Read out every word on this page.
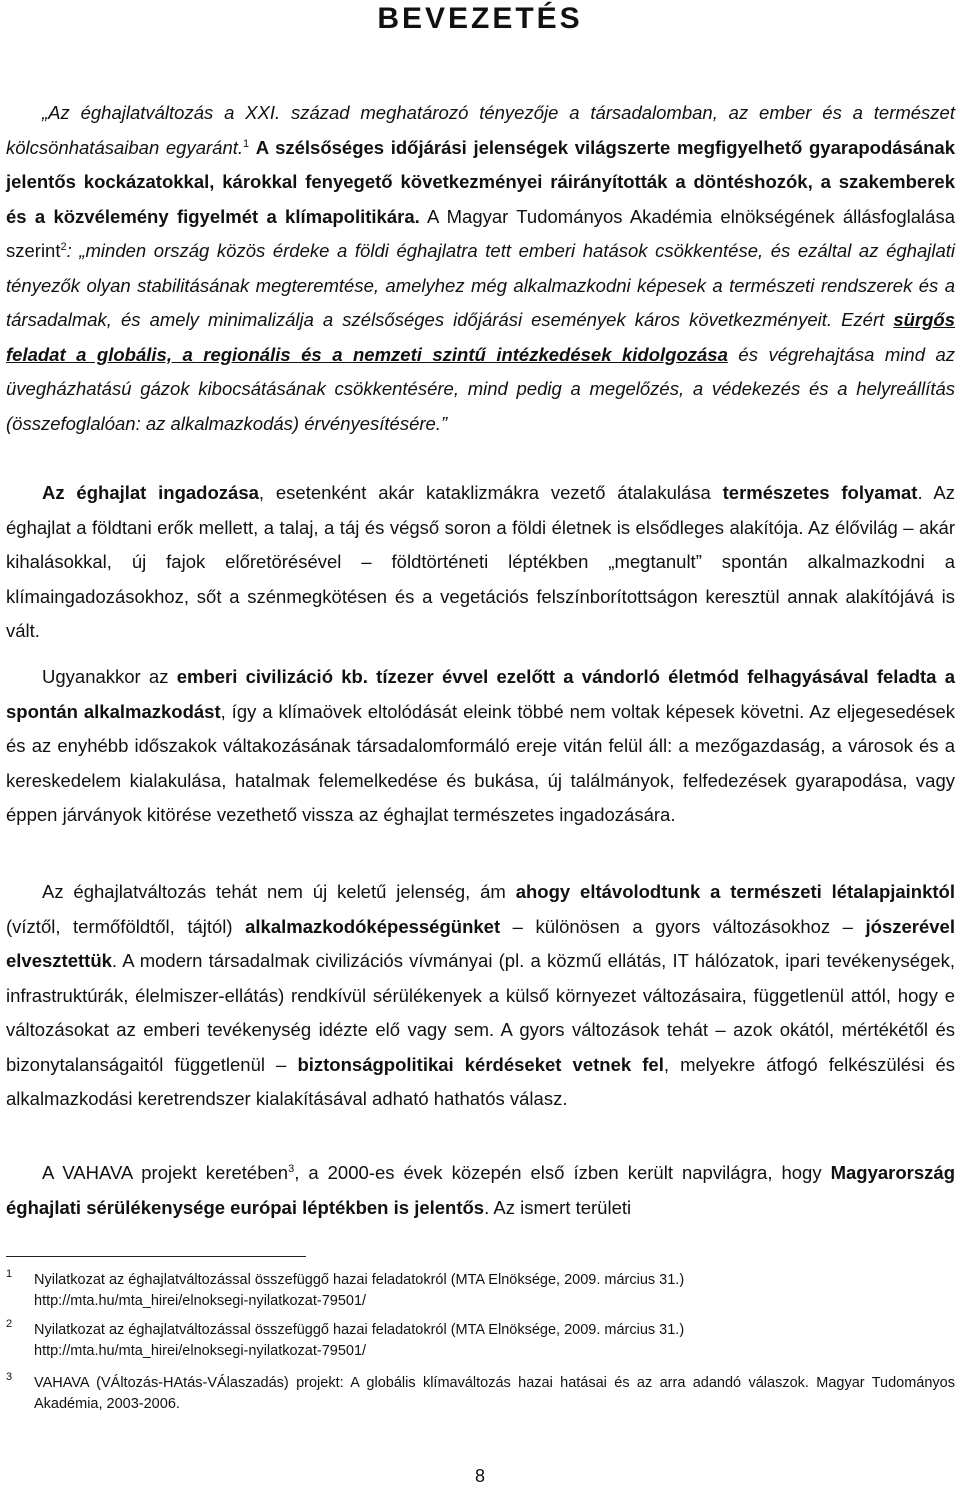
BEVEZETÉS

„Az éghajlatváltozás a XXI. század meghatározó tényezője a társadalomban, az ember és a természet kölcsönhatásaiban egyaránt.$^1$ A szélsőséges időjárási jelenségek világszerte megfigyelhető gyarapodásának jelentős kockázatokkal, károkkal fenyegető következményei ráirányították a döntéshozók, a szakemberek és a közvélemény figyelmét a klímapolitikára. A Magyar Tudományos Akadémia elnökségének állásfoglalása szerint$^2$: „minden ország közös érdeke a földi éghajlatra tett emberi hatások csökkentése, és ezáltal az éghajlati tényezők olyan stabilitásának megteremtése, amelyhez még alkalmazkodni képesek a természeti rendszerek és a társadalmak, és amely minimalizálja a szélsőséges időjárási események káros következményeit. Ezért sürgős feladat a globális, a regionális és a nemzeti szintű intézkedések kidolgozása és végrehajtása mind az üvegházhatású gázok kibocsátásának csökkentésére, mind pedig a megelőzés, a védekezés és a helyreállítás (összefoglalóan: az alkalmazkodás) érvényesítésére.”

Az éghajlat ingadozása, esetenként akár kataklizmákra vezető átalakulása természetes folyamat. Az éghajlat a földtani erők mellett, a talaj, a táj és végső soron a földi életnek is elsődleges alakítója. Az élővilág – akár kihalásokkal, új fajok előretörésével – földtörténeti léptékben „megtanult” spontán alkalmazkodni a klímaingadozásokhoz, sőt a szénmegkötésen és a vegetációs felszínborítottságon keresztül annak alakítójává is vált.

Ugyanakkor az emberi civilizáció kb. tízezer évvel ezelőtt a vándorló életmód felhagyásával feladta a spontán alkalmazkodást, így a klímaövek eltolódását eleink többé nem voltak képesek követni. Az eljegesedések és az enyhébb időszakok váltakozásának társadalomformáló ereje vitán felül áll: a mezőgazdaság, a városok és a kereskedelem kialakulása, hatalmak felemelkedése és bukása, új találmányok, felfedezések gyarapodása, vagy éppen járványok kitörése vezethető vissza az éghajlat természetes ingadozására.

Az éghajlatváltozás tehát nem új keletű jelenség, ám ahogy eltávolodtunk a természeti létalapjainktól (víztől, termőföldtől, tájtól) alkalmazkodóképességünket – különösen a gyors változásokhoz – jószerével elvesztettük. A modern társadalmak civilizációs vívmányai (pl. a közmű ellátás, IT hálózatok, ipari tevékenységek, infrastruktúrák, élelmiszer-ellátás) rendkívül sérülékenyek a külső környezet változásaira, függetlenül attól, hogy e változásokat az emberi tevékenység idézte elő vagy sem. A gyors változások tehát – azok okától, mértékétől és bizonytalanságaitól függetlenül – biztonságpolitikai kérdéseket vetnek fel, melyekre átfogó felkészülési és alkalmazkodási keretrendszer kialakításával adható hathatós válasz.

A VAHAVA projekt keretében$^3$, a 2000-es évek közepén első ízben került napvilágra, hogy Magyarország éghajlati sérülékenysége európai léptékben is jelentős. Az ismert területi

1 Nyilatkozat az éghajlatváltozással összefüggő hazai feladatokról (MTA Elnöksége, 2009. március 31.)
http://mta.hu/mta_hirei/elnoksegi-nyilatkozat-79501/
2 Nyilatkozat az éghajlatváltozással összefüggő hazai feladatokról (MTA Elnöksége, 2009. március 31.)
http://mta.hu/mta_hirei/elnoksegi-nyilatkozat-79501/
3 VAHAVA (VÁltozás-HAtás-VÁlaszadás) projekt: A globális klímaváltozás hazai hatásai és az arra adandó válaszok. Magyar Tudományos Akadémia, 2003-2006.
8
